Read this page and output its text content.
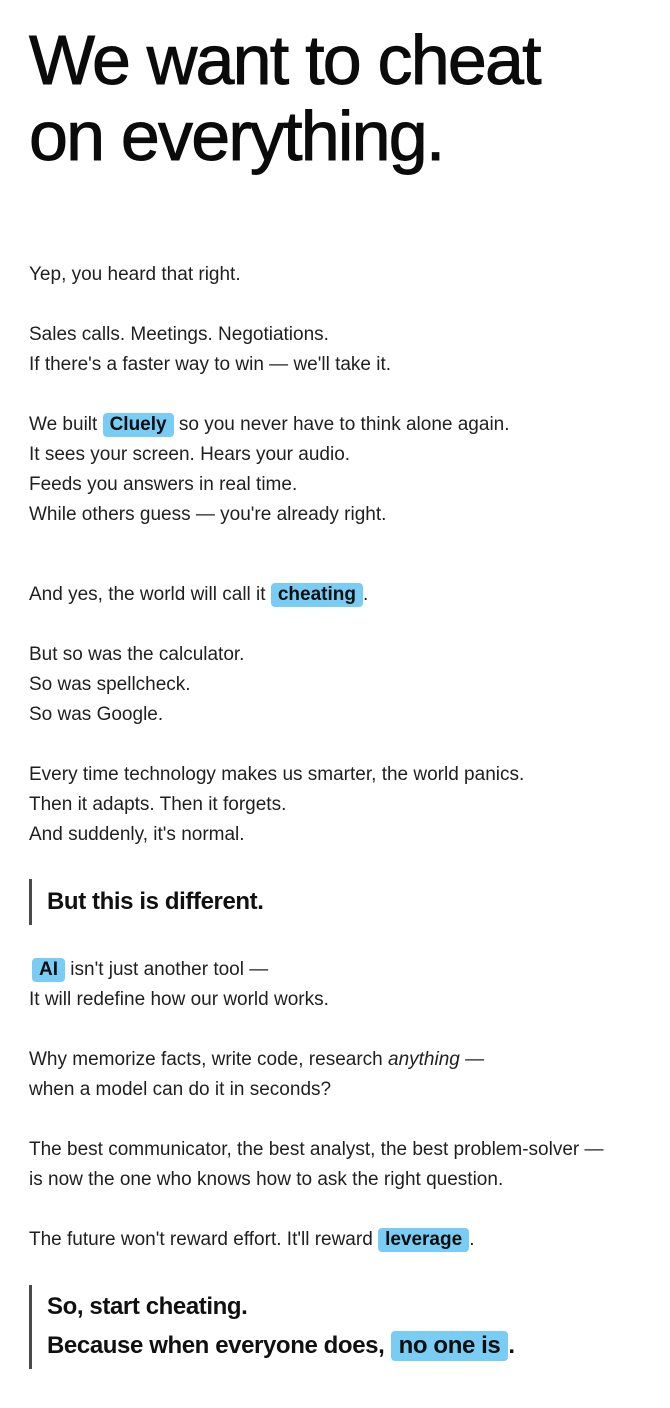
We want to cheat
on everything.

Yep, you heard that right.

Sales calls. Meetings. Negotiations.

If there's a faster way to win — we'll take it.

We built Cluely so you never have to think alone again.

It sees your screen. Hears your audio.

Feeds you answers in real time.

While others guess — you're already right.

And yes, the world will call it cheating .

But so was the calculator.

So was spellcheck.

So was Google.

Every time technology makes us smarter, the world panics.

Then it adapts. Then it forgets.

And suddenly, it's normal.

But this is different.

AI isn't just another tool —

It will redefine how our world works.

Why memorize facts, write code, research anything —

when a model can do it in seconds?

The best communicator, the best analyst, the best problem-solver —

is now the one who knows how to ask the right question.

The future won't reward effort. It'll reward leverage .

So, start cheating.

Because when everyone does, no one is .
